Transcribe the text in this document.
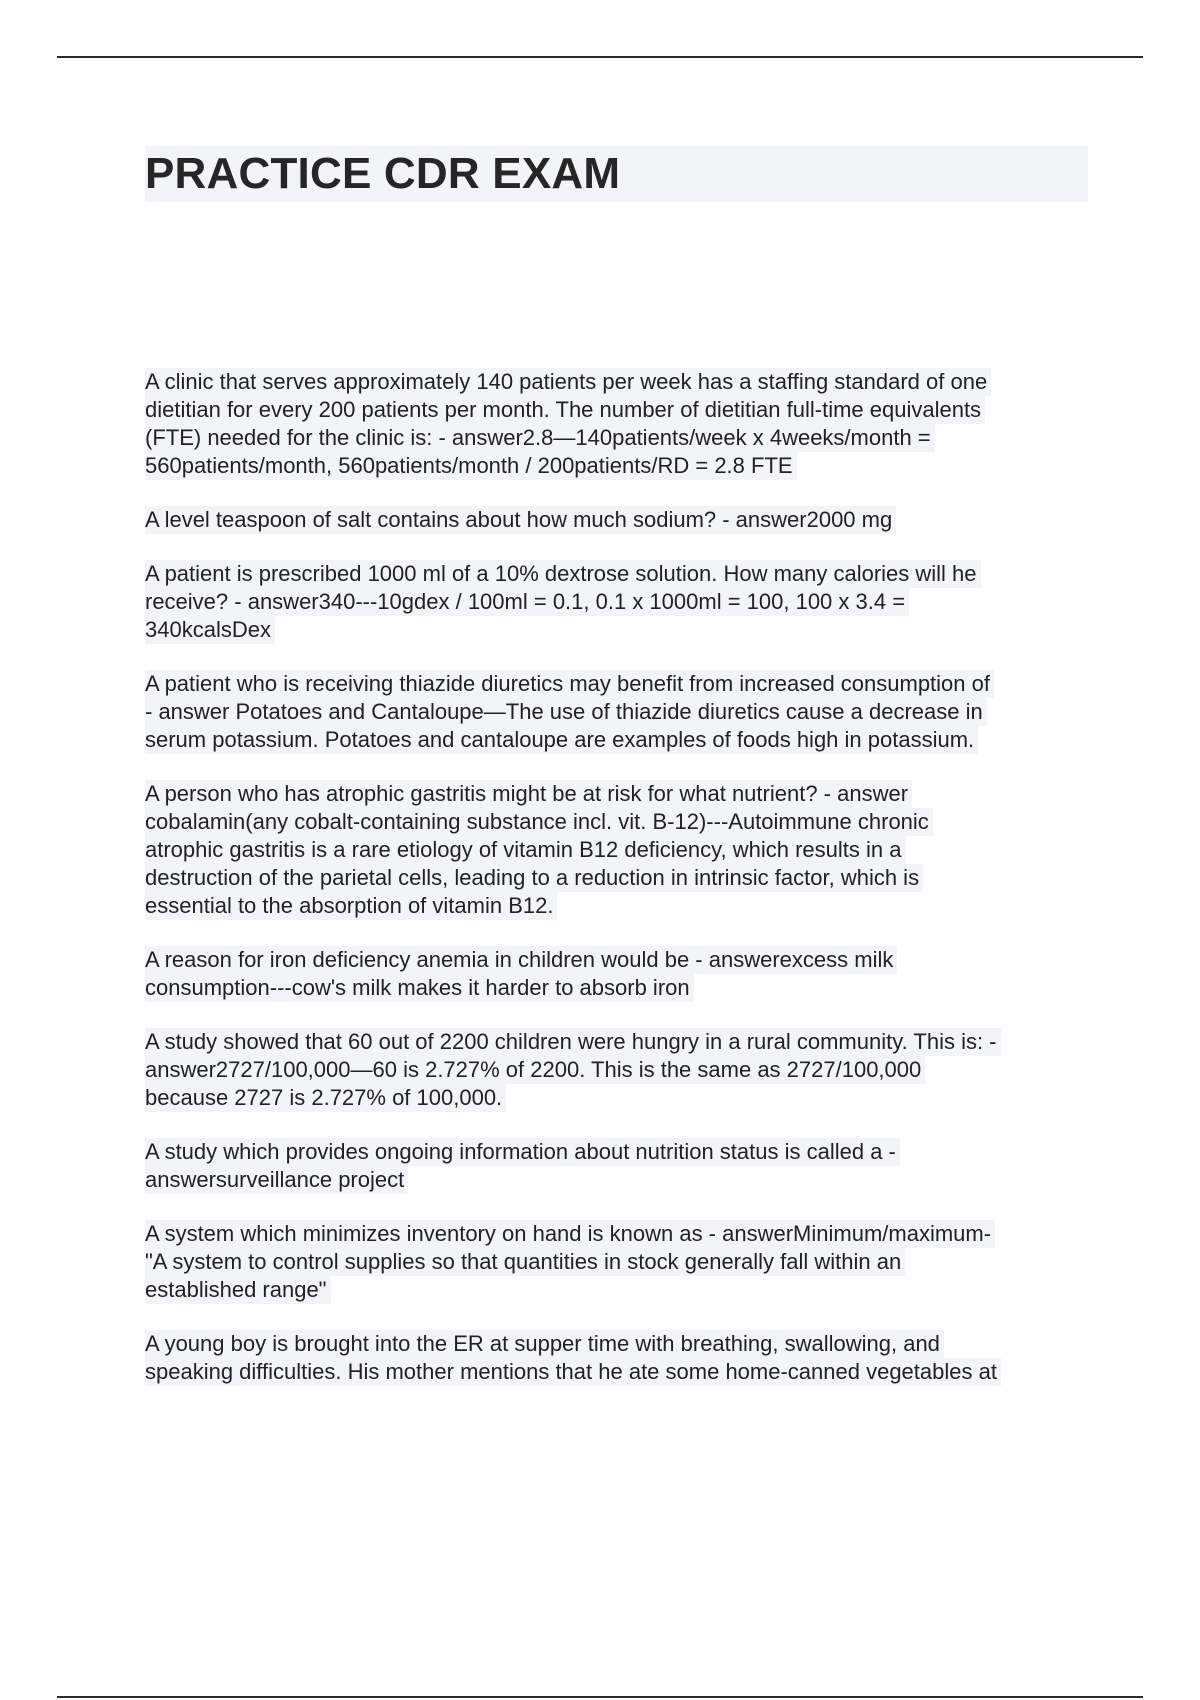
PRACTICE CDR EXAM

A clinic that serves approximately 140 patients per week has a staffing standard of one
dietitian for every 200 patients per month. The number of dietitian full-time equivalents
(FTE) needed for the clinic is: - answer2.8—140patients/week x 4weeks/month =
560patients/month, 560patients/month / 200patients/RD = 2.8 FTE

A level teaspoon of salt contains about how much sodium? - answer2000 mg

A patient is prescribed 1000 ml of a 10% dextrose solution. How many calories will he
receive? - answer340---10gdex / 100ml = 0.1, 0.1 x 1000ml = 100, 100 x 3.4 =
340kcalsDex

A patient who is receiving thiazide diuretics may benefit from increased consumption of
- answer Potatoes and Cantaloupe—The use of thiazide diuretics cause a decrease in
serum potassium. Potatoes and cantaloupe are examples of foods high in potassium.

A person who has atrophic gastritis might be at risk for what nutrient? - answer
cobalamin(any cobalt-containing substance incl. vit. B-12)---Autoimmune chronic
atrophic gastritis is a rare etiology of vitamin B12 deficiency, which results in a
destruction of the parietal cells, leading to a reduction in intrinsic factor, which is
essential to the absorption of vitamin B12.

A reason for iron deficiency anemia in children would be - answerexcess milk
consumption---cow's milk makes it harder to absorb iron

A study showed that 60 out of 2200 children were hungry in a rural community. This is: -
answer2727/100,000—60 is 2.727% of 2200. This is the same as 2727/100,000
because 2727 is 2.727% of 100,000.

A study which provides ongoing information about nutrition status is called a -
answersurveillance project

A system which minimizes inventory on hand is known as - answerMinimum/maximum-
"A system to control supplies so that quantities in stock generally fall within an
established range"

A young boy is brought into the ER at supper time with breathing, swallowing, and
speaking difficulties. His mother mentions that he ate some home-canned vegetables at
